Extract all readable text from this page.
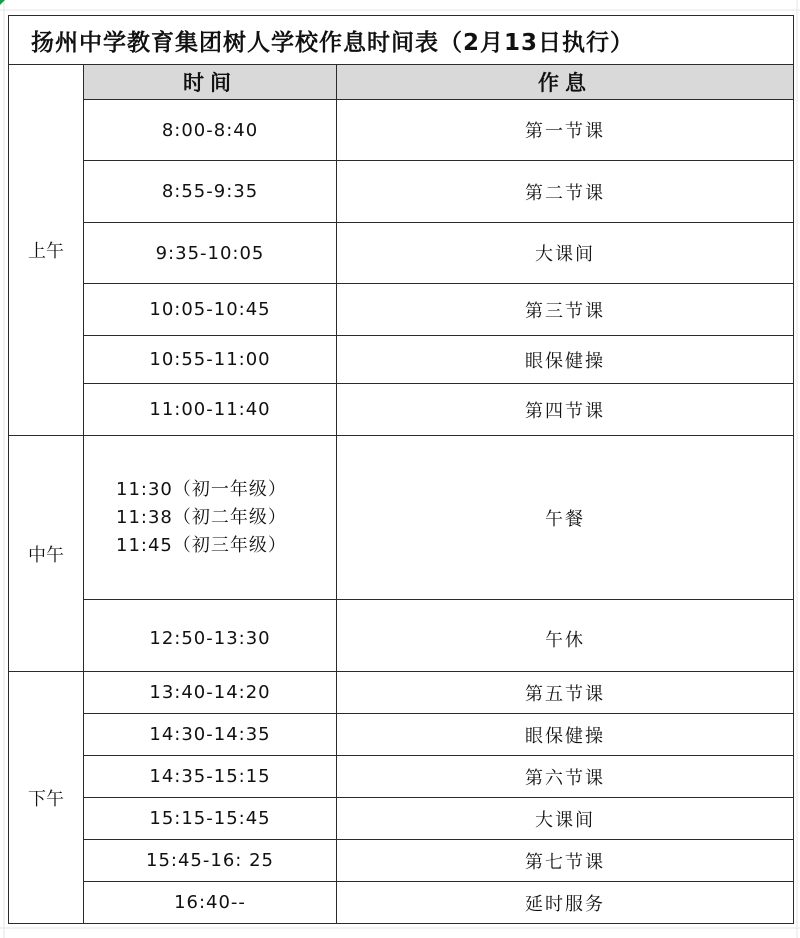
扬州中学教育集团树人学校作息时间表（2月13日执行）		
上午	时间	作息
	8:00-8:40	第一节课
	8:55-9:35	第二节课
	9:35-10:05	大课间
	10:05-10:45	第三节课
	10:55-11:00	眼保健操
	11:00-11:40	第四节课
中午	11:30（初一年级）
11:38（初二年级）
11:45（初三年级）	午餐
	12:50-13:30	午休
下午	13:40-14:20	第五节课
	14:30-14:35	眼保健操
	14:35-15:15	第六节课
	15:15-15:45	大课间
	15:45-16: 25	第七节课
	16:40--	延时服务
